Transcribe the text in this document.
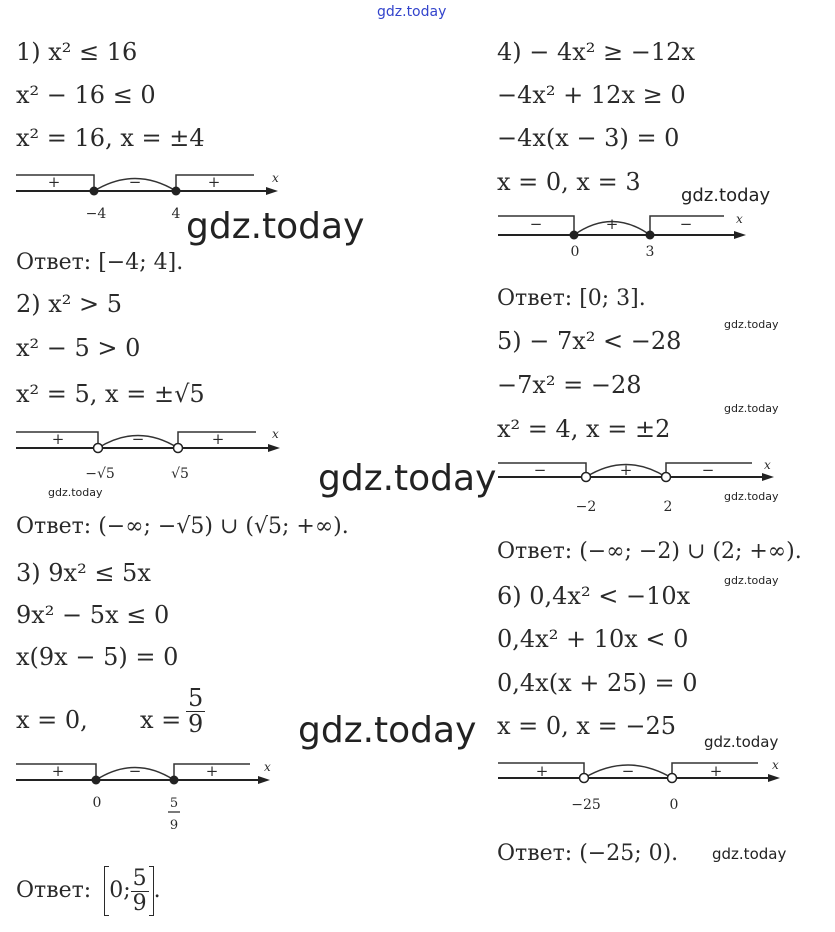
gdz.today
1) x² ≤ 16
x² − 16 ≤ 0
x² = 16, x = ±4
+	−	+	x
−4	4 gdz.today
Ответ: [−4; 4].
2) x² > 5
x² − 5 > 0
x² = 5, x = ±√5
+	−	+	x
−√5	√5
gdz.today	gdz.today
Ответ: (−∞; −√5) ∪ (√5; +∞).
3) 9x² ≤ 5x
9x² − 5x ≤ 0
x(9x − 5) = 0
x = 0, $x = \frac{5}{9}$
+	−	+	x
0	5
9
Ответ: 0; $\frac{5}{9}$ .
4) − 4x² ≥ −12x
−4x² + 12x ≥ 0
−4x(x − 3) = 0
x = 0, x = 3 gdz.today
−	+	−	x
0	3
Ответ: [0; 3].
gdz.today
5) − 7x² < −28
−7x² = −28
gdz.today
x² = 4, x = ±2
−	+	−	x
−2	2
gdz.today
Ответ: (−∞; −2) ∪ (2; +∞).
gdz.today
6) 0,4x² < −10x
0,4x² + 10x < 0
0,4x(x + 25) = 0
x = 0, x = −25
gdz.today	gdz.today
+	−	+	x
−25	0
Ответ: (−25; 0). gdz.today
